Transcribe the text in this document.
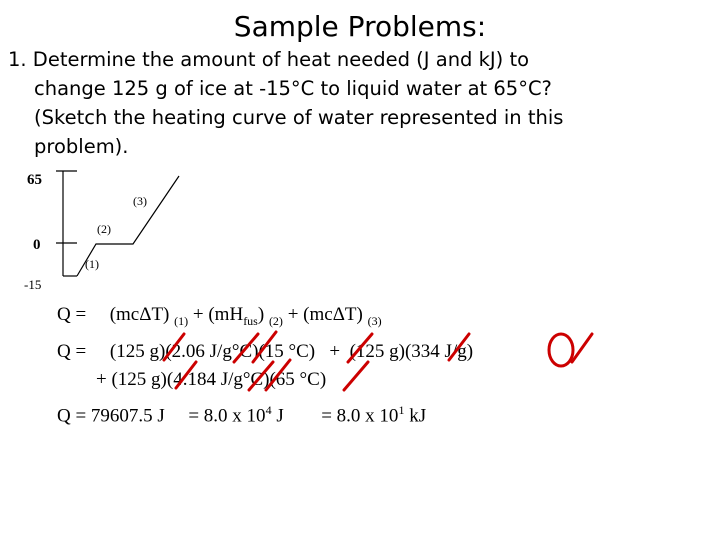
Sample Problems:
1. Determine the amount of heat needed (J and kJ) to
change 125 g of ice at -15°C to liquid water at 65°C?
(Sketch the heating curve of water represented in this
problem).
65
0
-15
(3)
(2)
(1)
Q =  (mcΔT) $_{(1)} + (mH_{fus}) _{(2)} + (mc\Delta T)$ $_{(3)}$
Q =     (125 g)(2.06 J/g°C)(15 °C)   +  (125 g)(334 J/g)
+ (125 g)(4.184 J/g°C)(65 °C)
Q = 79607.5 J = 8.0 x $10^4$ J = 8.0 x $10^1$ kJ
